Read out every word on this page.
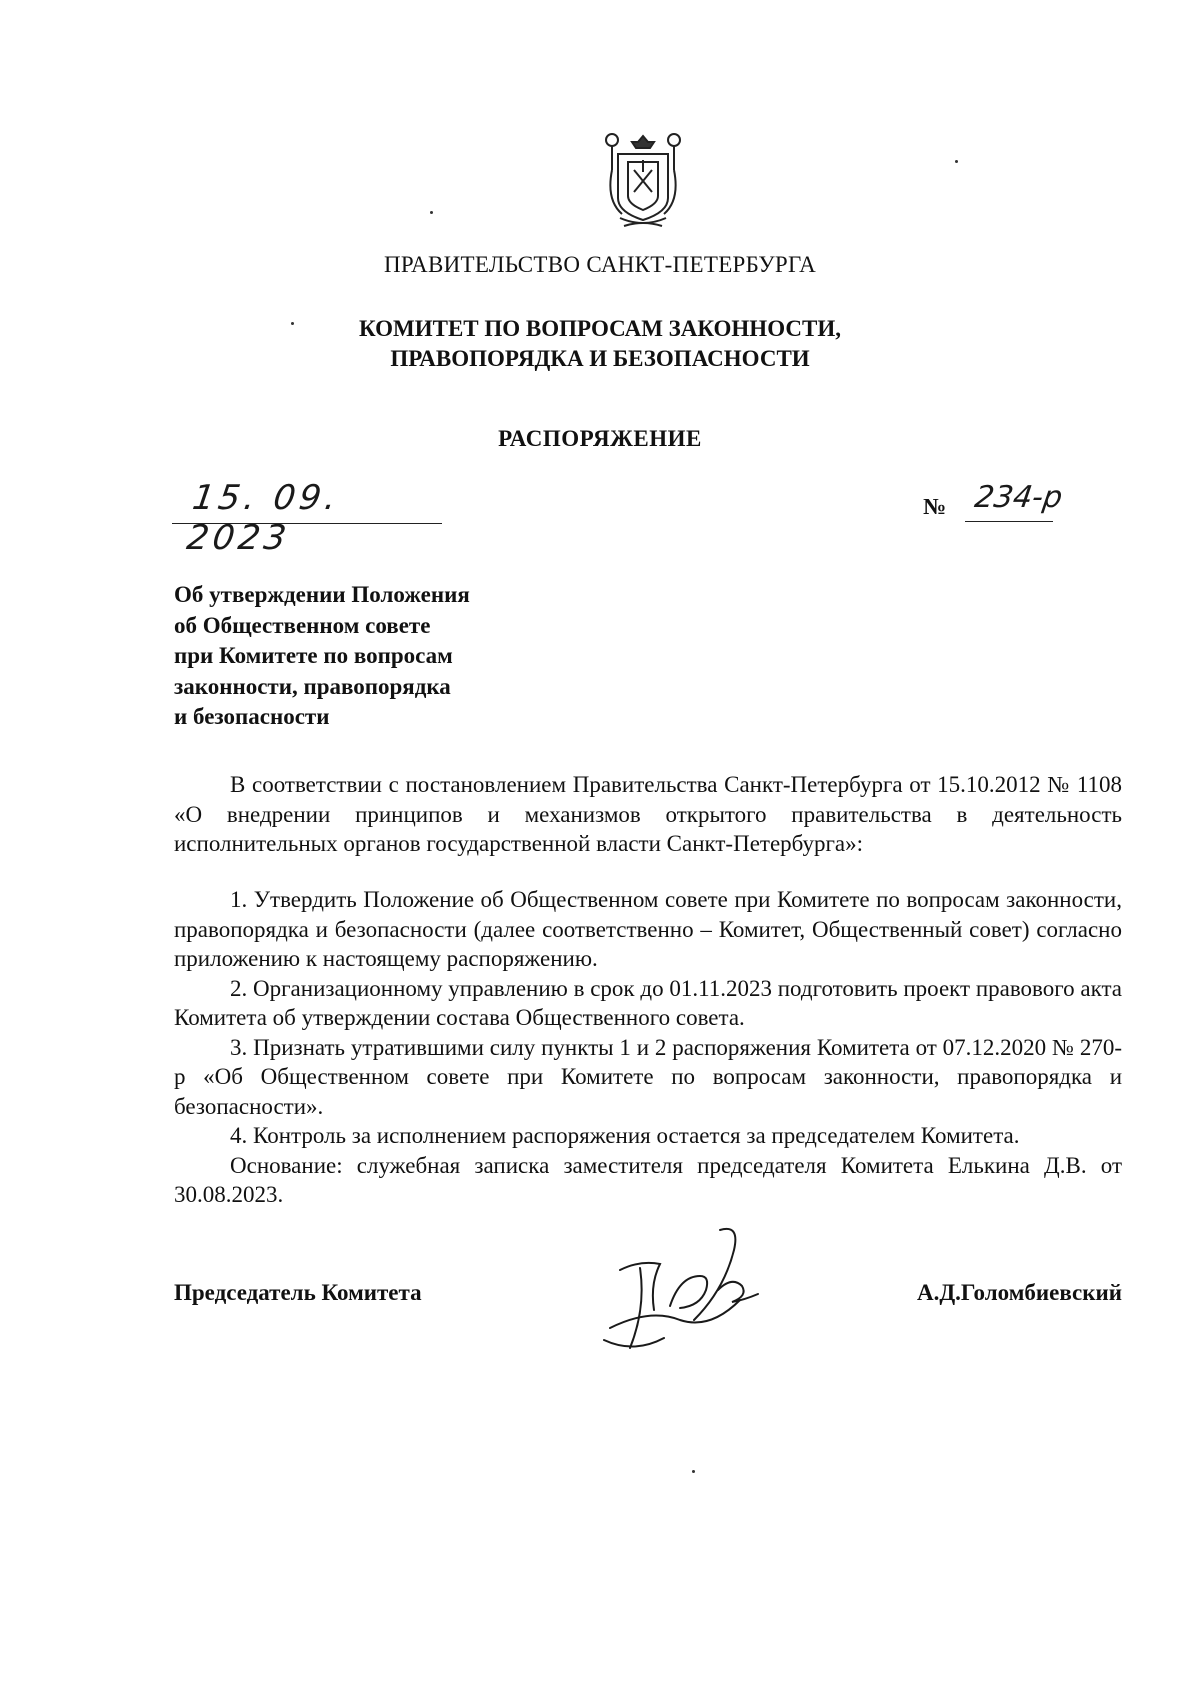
ПРАВИТЕЛЬСТВО САНКТ-ПЕТЕРБУРГА
КОМИТЕТ ПО ВОПРОСАМ ЗАКОННОСТИ,
ПРАВОПОРЯДКА И БЕЗОПАСНОСТИ
РАСПОРЯЖЕНИЕ
15. 09. 2023
№ 234-р
Об утверждении Положения
об Общественном совете
при Комитете по вопросам
законности, правопорядка
и безопасности

В соответствии с постановлением Правительства Санкт-Петербурга от 15.10.2012 № 1108 «О внедрении принципов и механизмов открытого правительства в деятельность исполнительных органов государственной власти Санкт-Петербурга»:

1. Утвердить Положение об Общественном совете при Комитете по вопросам законности, правопорядка и безопасности (далее соответственно – Комитет, Общественный совет) согласно приложению к настоящему распоряжению.

2. Организационному управлению в срок до 01.11.2023 подготовить проект правового акта Комитета об утверждении состава Общественного совета.

3. Признать утратившими силу пункты 1 и 2 распоряжения Комитета от 07.12.2020 № 270-р «Об Общественном совете при Комитете по вопросам законности, правопорядка и безопасности».

4. Контроль за исполнением распоряжения остается за председателем Комитета.

Основание: служебная записка заместителя председателя Комитета Елькина Д.В. от 30.08.2023.

Председатель Комитета	А.Д.Голомбиевский
